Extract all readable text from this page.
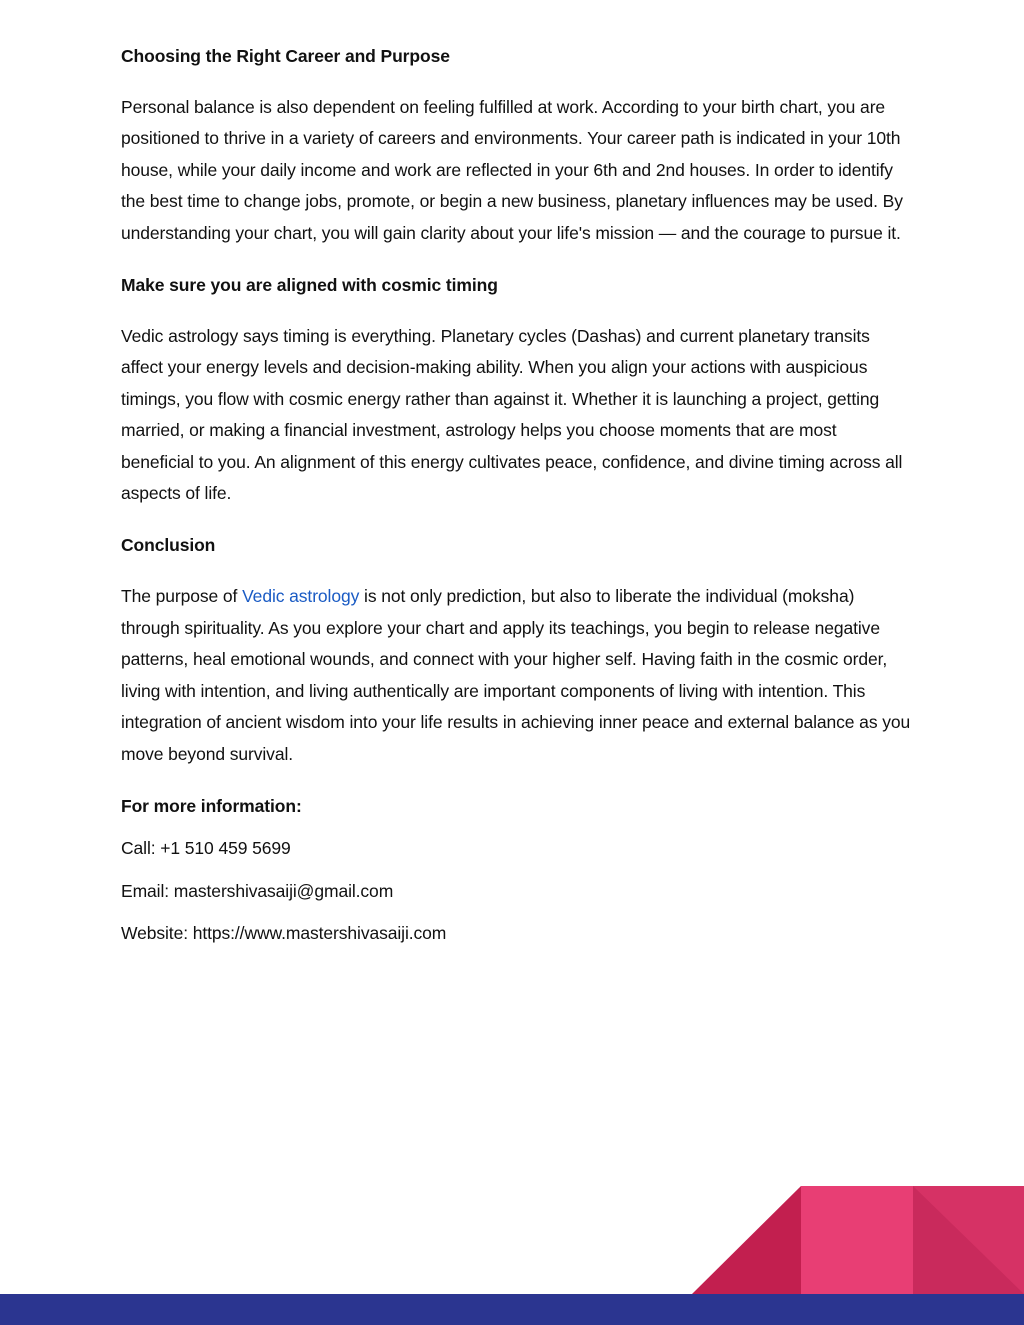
Choosing the Right Career and Purpose

Personal balance is also dependent on feeling fulfilled at work. According to your birth chart, you are positioned to thrive in a variety of careers and environments. Your career path is indicated in your 10th house, while your daily income and work are reflected in your 6th and 2nd houses. In order to identify the best time to change jobs, promote, or begin a new business, planetary influences may be used. By understanding your chart, you will gain clarity about your life's mission — and the courage to pursue it.

Make sure you are aligned with cosmic timing

Vedic astrology says timing is everything. Planetary cycles (Dashas) and current planetary transits affect your energy levels and decision-making ability. When you align your actions with auspicious timings, you flow with cosmic energy rather than against it. Whether it is launching a project, getting married, or making a financial investment, astrology helps you choose moments that are most beneficial to you. An alignment of this energy cultivates peace, confidence, and divine timing across all aspects of life.

Conclusion

The purpose of Vedic astrology is not only prediction, but also to liberate the individual (moksha) through spirituality. As you explore your chart and apply its teachings, you begin to release negative patterns, heal emotional wounds, and connect with your higher self. Having faith in the cosmic order, living with intention, and living authentically are important components of living with intention. This integration of ancient wisdom into your life results in achieving inner peace and external balance as you move beyond survival.

For more information:

Call: +1 510 459 5699

Email: mastershivasaiji@gmail.com

Website: https://www.mastershivasaiji.com
